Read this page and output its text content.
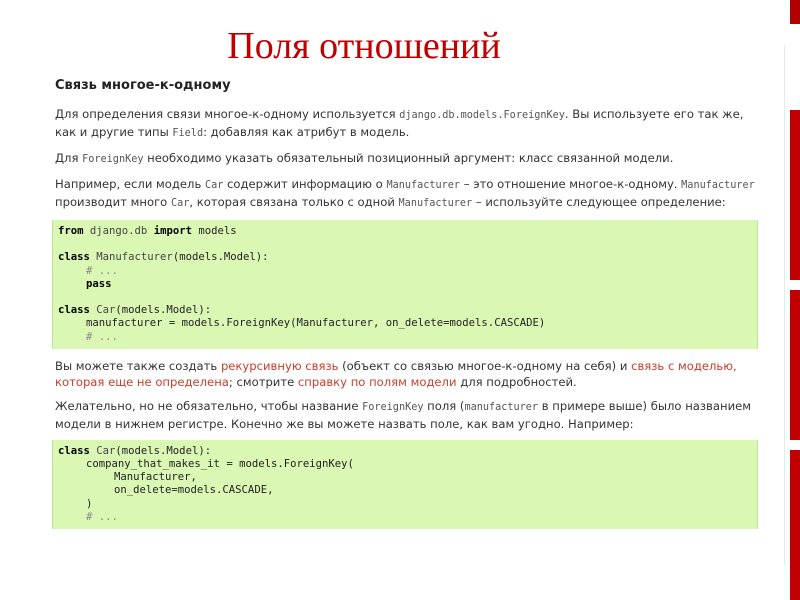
Поля отношений
Связь многое-к-одному

Для определения связи многое-к-одному используется django.db.models.ForeignKey. Вы используете его так же, как и другие типы Field: добавляя как атрибут в модель.

Для ForeignKey необходимо указать обязательный позиционный аргумент: класс связанной модели.

Например, если модель Car содержит информацию о Manufacturer – это отношение многое-к-одному. Manufacturer производит много Car, которая связана только с одной Manufacturer – используйте следующее определение:

from django.db import models
class Manufacturer(models.Model):
# ...
pass
class Car(models.Model):
manufacturer = models.ForeignKey(Manufacturer, on_delete=models.CASCADE)
# ...

Вы можете также создать рекурсивную связь (объект со связью многое-к-одному на себя) и связь с моделью, которая еще не определена; смотрите справку по полям модели для подробностей.

Желательно, но не обязательно, чтобы название ForeignKey поля (manufacturer в примере выше) было названием модели в нижнем регистре. Конечно же вы можете назвать поле, как вам угодно. Например:

class Car(models.Model):
company_that_makes_it = models.ForeignKey(
Manufacturer,
on_delete=models.CASCADE,
)
# ...
